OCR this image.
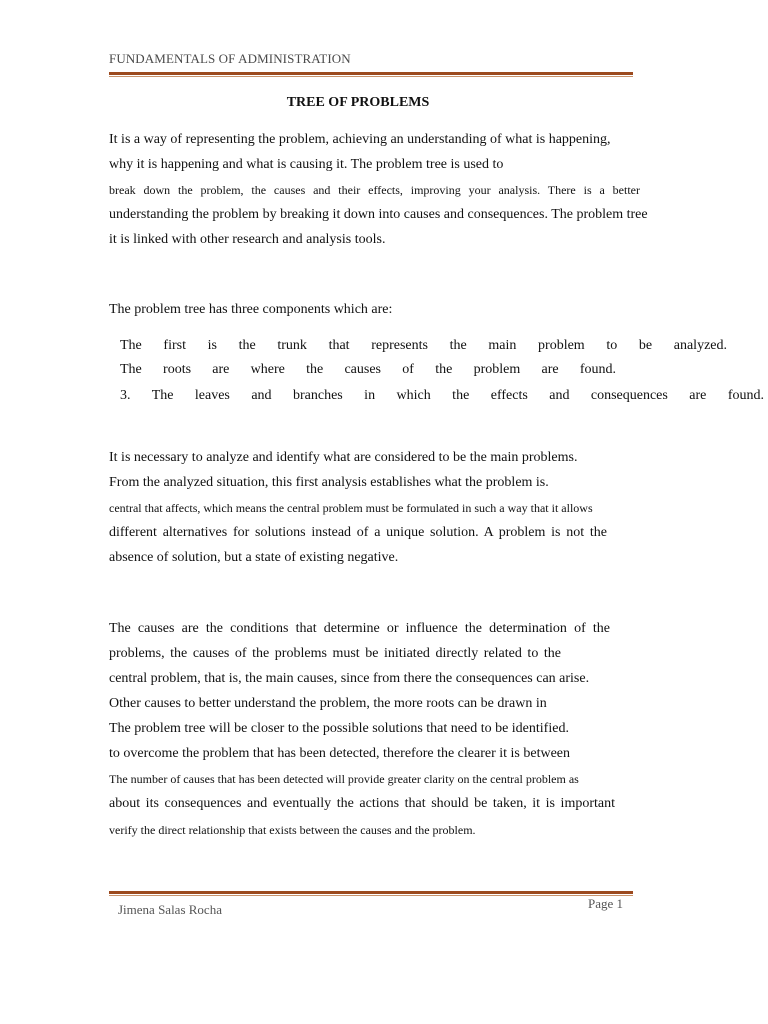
FUNDAMENTALS OF ADMINISTRATION
TREE OF PROBLEMS
It is a way of representing the problem, achieving an understanding of what is happening,
why it is happening and what is causing it. The problem tree is used to
break down the problem, the causes and their effects, improving your analysis. There is a better
understanding the problem by breaking it down into causes and consequences. The problem tree
it is linked with other research and analysis tools.
The problem tree has three components which are:
The first is the trunk that represents the main problem to be analyzed.
The roots are where the causes of the problem are found.
3. The leaves and branches in which the effects and consequences are found.
It is necessary to analyze and identify what are considered to be the main problems.
From the analyzed situation, this first analysis establishes what the problem is.
central that affects, which means the central problem must be formulated in such a way that it allows
different alternatives for solutions instead of a unique solution. A problem is not the
absence of solution, but a state of existing negative.
The causes are the conditions that determine or influence the determination of the
problems, the causes of the problems must be initiated directly related to the
central problem, that is, the main causes, since from there the consequences can arise.
Other causes to better understand the problem, the more roots can be drawn in
The problem tree will be closer to the possible solutions that need to be identified.
to overcome the problem that has been detected, therefore the clearer it is between
The number of causes that has been detected will provide greater clarity on the central problem as
about its consequences and eventually the actions that should be taken, it is important
verify the direct relationship that exists between the causes and the problem.
Jimena Salas Rocha	Page 1
